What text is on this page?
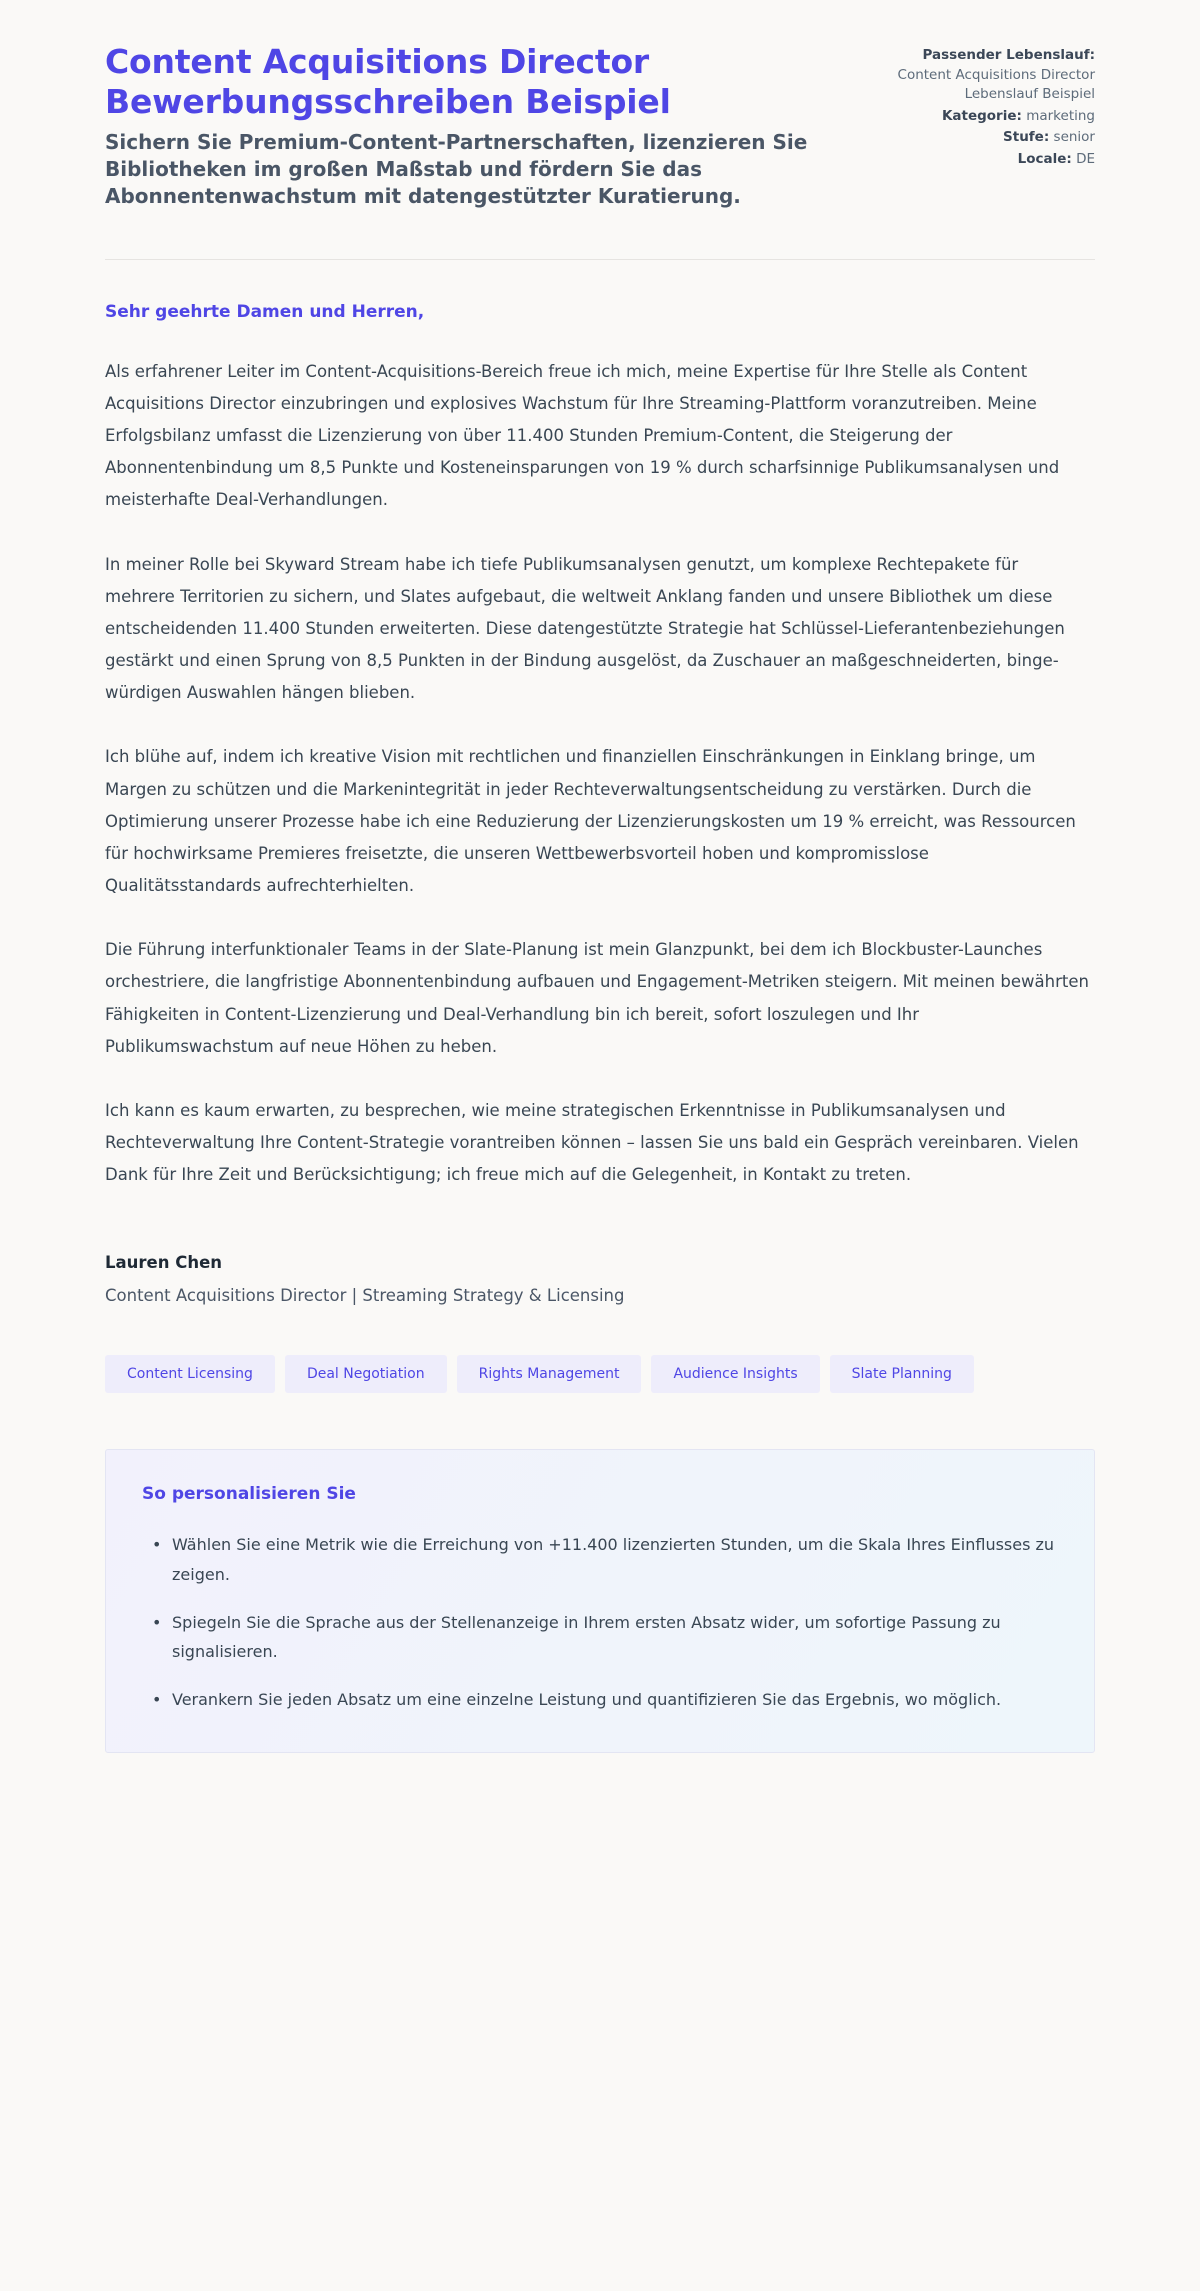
Content Acquisitions Director Bewerbungsschreiben Beispiel

Sichern Sie Premium-Content-Partnerschaften, lizenzieren Sie Bibliotheken im großen Maßstab und fördern Sie das Abonnentenwachstum mit datengestützter Kuratierung.

Passender Lebenslauf: Content Acquisitions Director Lebenslauf Beispiel
Kategorie: marketing
Stufe: senior
Locale: DE

Sehr geehrte Damen und Herren,

Als erfahrener Leiter im Content-Acquisitions-Bereich freue ich mich, meine Expertise für Ihre Stelle als Content Acquisitions Director einzubringen und explosives Wachstum für Ihre Streaming-Plattform voranzutreiben. Meine Erfolgsbilanz umfasst die Lizenzierung von über 11.400 Stunden Premium-Content, die Steigerung der Abonnentenbindung um 8,5 Punkte und Kosteneinsparungen von 19 % durch scharfsinnige Publikumsanalysen und meisterhafte Deal-Verhandlungen.

In meiner Rolle bei Skyward Stream habe ich tiefe Publikumsanalysen genutzt, um komplexe Rechtepakete für mehrere Territorien zu sichern, und Slates aufgebaut, die weltweit Anklang fanden und unsere Bibliothek um diese entscheidenden 11.400 Stunden erweiterten. Diese datengestützte Strategie hat Schlüssel-Lieferantenbeziehungen gestärkt und einen Sprung von 8,5 Punkten in der Bindung ausgelöst, da Zuschauer an maßgeschneiderten, binge-würdigen Auswahlen hängen blieben.

Ich blühe auf, indem ich kreative Vision mit rechtlichen und finanziellen Einschränkungen in Einklang bringe, um Margen zu schützen und die Markenintegrität in jeder Rechteverwaltungsentscheidung zu verstärken. Durch die Optimierung unserer Prozesse habe ich eine Reduzierung der Lizenzierungskosten um 19 % erreicht, was Ressourcen für hochwirksame Premieres freisetzte, die unseren Wettbewerbsvorteil hoben und kompromisslose Qualitätsstandards aufrechterhielten.

Die Führung interfunktionaler Teams in der Slate-Planung ist mein Glanzpunkt, bei dem ich Blockbuster-Launches orchestriere, die langfristige Abonnentenbindung aufbauen und Engagement-Metriken steigern. Mit meinen bewährten Fähigkeiten in Content-Lizenzierung und Deal-Verhandlung bin ich bereit, sofort loszulegen und Ihr Publikumswachstum auf neue Höhen zu heben.

Ich kann es kaum erwarten, zu besprechen, wie meine strategischen Erkenntnisse in Publikumsanalysen und Rechteverwaltung Ihre Content-Strategie vorantreiben können – lassen Sie uns bald ein Gespräch vereinbaren. Vielen Dank für Ihre Zeit und Berücksichtigung; ich freue mich auf die Gelegenheit, in Kontakt zu treten.

Lauren Chen

Content Acquisitions Director | Streaming Strategy & Licensing

Content Licensing	Deal Negotiation	Rights Management	Audience Insights	Slate Planning
So personalisieren Sie
• Wählen Sie eine Metrik wie die Erreichung von +11.400 lizenzierten Stunden, um die Skala Ihres Einflusses zu zeigen.
• Spiegeln Sie die Sprache aus der Stellenanzeige in Ihrem ersten Absatz wider, um sofortige Passung zu signalisieren.
• Verankern Sie jeden Absatz um eine einzelne Leistung und quantifizieren Sie das Ergebnis, wo möglich.
